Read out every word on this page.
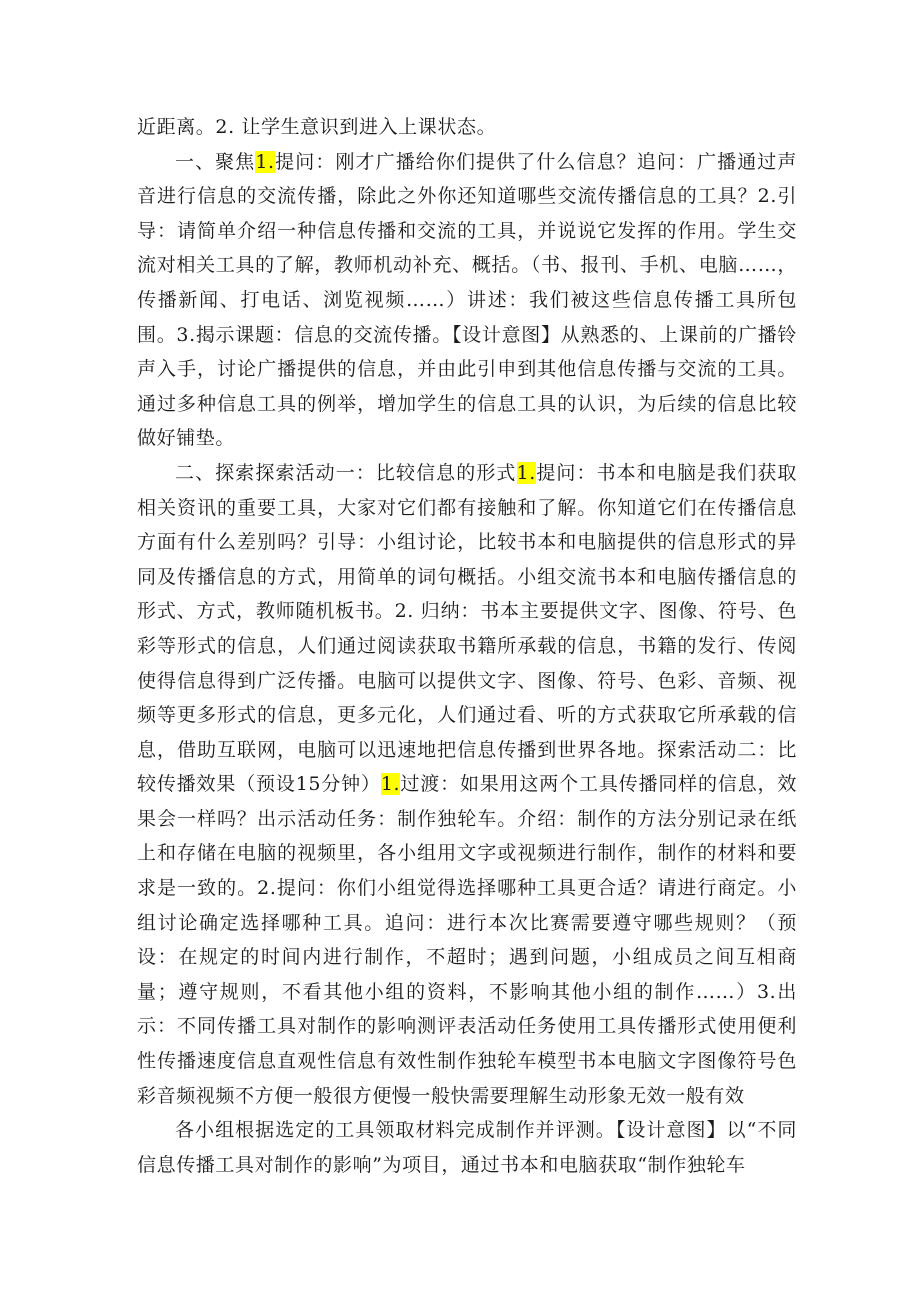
近距离。2. 让学生意识到进入上课状态。

一、聚焦1.提问：刚才广播给你们提供了什么信息？追问：广播通过声音进行信息的交流传播，除此之外你还知道哪些交流传播信息的工具？2.引导：请简单介绍一种信息传播和交流的工具，并说说它发挥的作用。学生交流对相关工具的了解，教师机动补充、概括。（书、报刊、手机、电脑……，传播新闻、打电话、浏览视频……）讲述：我们被这些信息传播工具所包围。3.揭示课题：信息的交流传播。【设计意图】从熟悉的、上课前的广播铃声入手，讨论广播提供的信息，并由此引申到其他信息传播与交流的工具。通过多种信息工具的例举，增加学生的信息工具的认识，为后续的信息比较做好铺垫。

二、探索探索活动一：比较信息的形式1.提问：书本和电脑是我们获取相关资讯的重要工具，大家对它们都有接触和了解。你知道它们在传播信息方面有什么差别吗？引导：小组讨论，比较书本和电脑提供的信息形式的异同及传播信息的方式，用简单的词句概括。小组交流书本和电脑传播信息的形式、方式，教师随机板书。2. 归纳：书本主要提供文字、图像、符号、色彩等形式的信息，人们通过阅读获取书籍所承载的信息，书籍的发行、传阅使得信息得到广泛传播。电脑可以提供文字、图像、符号、色彩、音频、视频等更多形式的信息，更多元化，人们通过看、听的方式获取它所承载的信息，借助互联网，电脑可以迅速地把信息传播到世界各地。探索活动二：比较传播效果（预设15分钟）1.过渡：如果用这两个工具传播同样的信息，效果会一样吗？出示活动任务：制作独轮车。介绍：制作的方法分别记录在纸上和存储在电脑的视频里，各小组用文字或视频进行制作，制作的材料和要求是一致的。2.提问：你们小组觉得选择哪种工具更合适？请进行商定。小组讨论确定选择哪种工具。追问：进行本次比赛需要遵守哪些规则？（预设：在规定的时间内进行制作，不超时；遇到问题，小组成员之间互相商量；遵守规则，不看其他小组的资料，不影响其他小组的制作……）3.出示：不同传播工具对制作的影响测评表活动任务使用工具传播形式使用便利性传播速度信息直观性信息有效性制作独轮车模型书本电脑文字图像符号色彩音频视频不方便一般很方便慢一般快需要理解生动形象无效一般有效

各小组根据选定的工具领取材料完成制作并评测。【设计意图】以“不同信息传播工具对制作的影响”为项目，通过书本和电脑获取“制作独轮车
